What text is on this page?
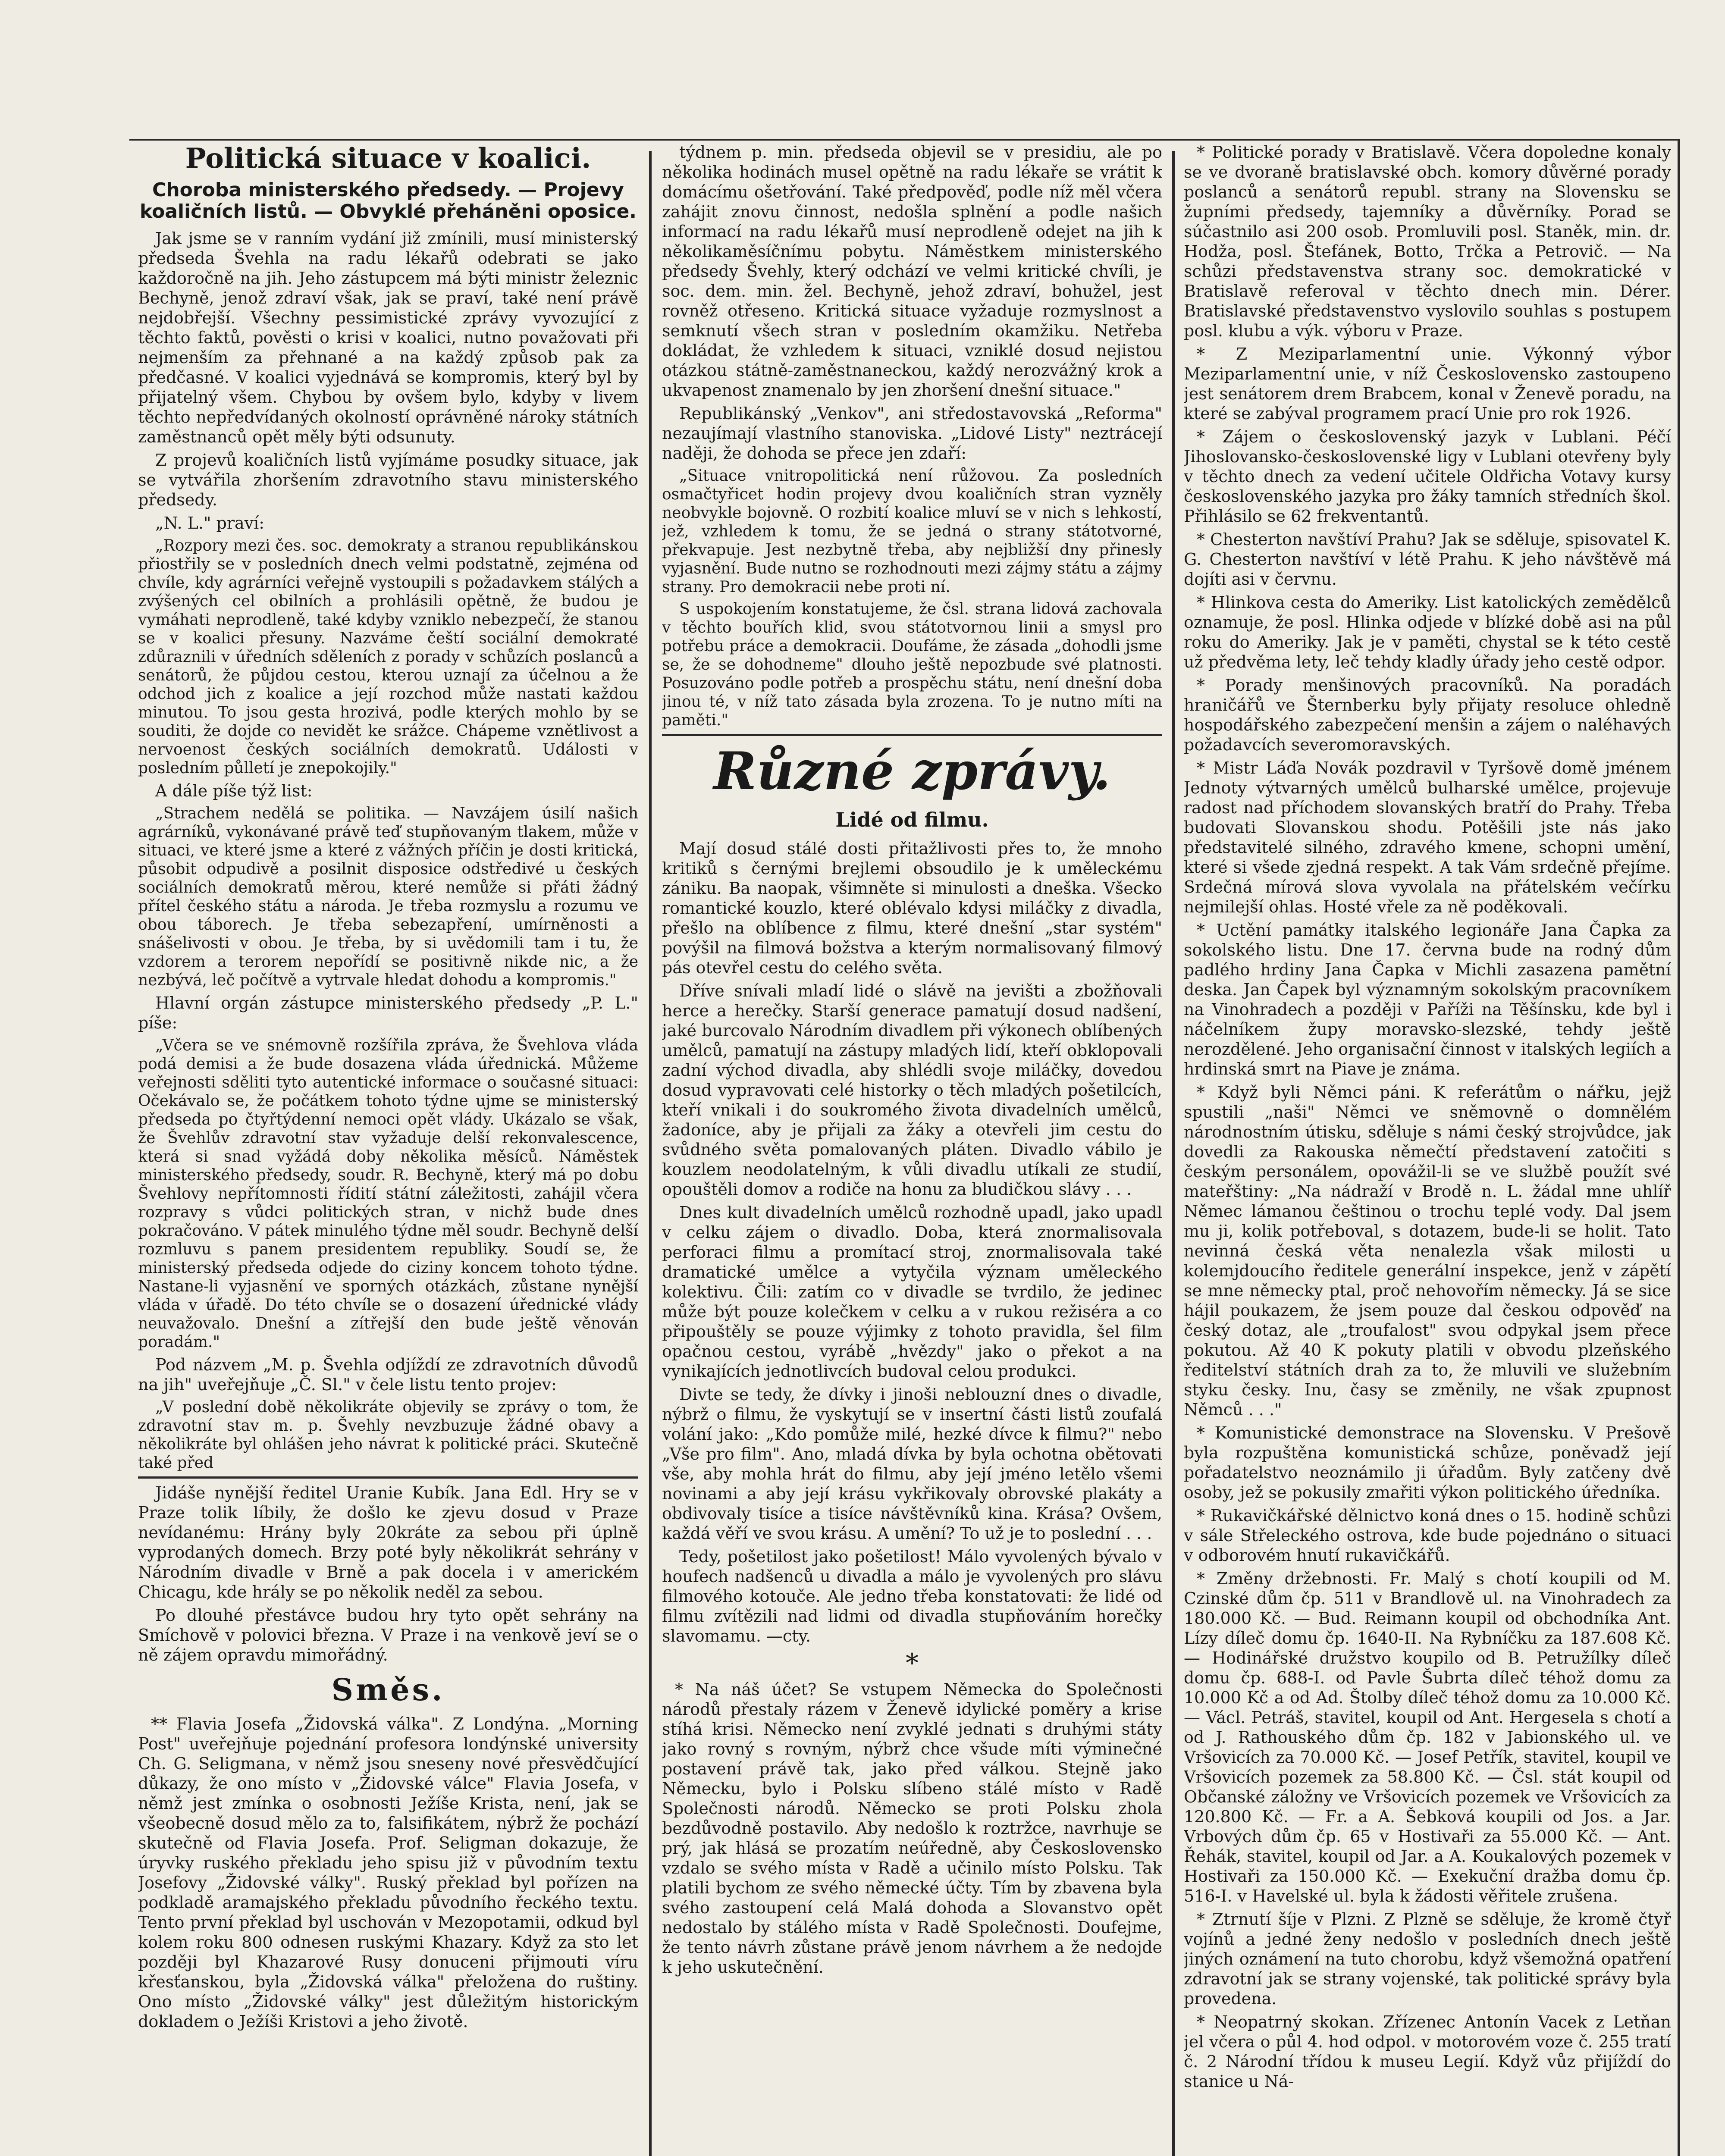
Politická situace v koalici.
Choroba ministerského předsedy. — Projevy koaličních listů. — Obvyklé přeháněni oposice.

Jak jsme se v ranním vydání již zmínili, musí ministerský předseda Švehla na radu lékařů odebrati se jako každoročně na jih. Jeho zástupcem má býti ministr železnic Bechyně, jenož zdraví však, jak se praví, také není právě nejdobřejší. Všechny pessimistické zprávy vyvozující z těchto faktů, pověsti o krisi v koalici, nutno považovati při nejmenším za přehnané a na každý způsob pak za předčasné. V koalici vyjednává se kompromis, který byl by přijatelný všem. Chybou by ovšem bylo, kdyby v livem těchto nepředvídaných okolností oprávněné nároky státních zaměstnanců opět měly býti odsunuty.

Z projevů koaličních listů vyjímáme posudky situace, jak se vytvářila zhoršením zdravotního stavu ministerského předsedy.

„N. L." praví:

„Rozpory mezi čes. soc. demokraty a stranou republikánskou přiostřily se v posledních dnech velmi podstatně, zejména od chvíle, kdy agrárníci veřejně vystoupili s požadavkem stálých a zvýšených cel obilních a prohlásili opětně, že budou je vymáhati neprodleně, také kdyby vzniklo nebezpečí, že stanou se v koalici přesuny. Nazváme čeští sociální demokraté zdůraznili v úředních sděleních z porady v schůzích poslanců a senátorů, že půjdou cestou, kterou uznají za účelnou a že odchod jich z koalice a její rozchod může nastati každou minutou. To jsou gesta hrozivá, podle kterých mohlo by se souditi, že dojde co nevidět ke srážce. Chápeme vznětlivost a nervoenost českých sociálních demokratů. Události v posledním půlletí je znepokojily."

A dále píše týž list:

„Strachem nedělá se politika. — Navzájem úsilí našich agrárníků, vykonávané právě teď stupňovaným tlakem, může v situaci, ve které jsme a které z vážných příčin je dosti kritická, působit odpudivě a posilnit disposice odstředivé u českých sociálních demokratů měrou, které nemůže si přáti žádný přítel českého státu a národa. Je třeba rozmyslu a rozumu ve obou táborech. Je třeba sebezapření, umírněnosti a snášelivosti v obou. Je třeba, by si uvědomili tam i tu, že vzdorem a terorem nepořídí se positivně nikde nic, a že nezbývá, leč počítvě a vytrvale hledat dohodu a kompromis."

Hlavní orgán zástupce ministerského předsedy „P. L." píše:

„Včera se ve snémovně rozšířila zpráva, že Švehlova vláda podá demisi a že bude dosazena vláda úřednická. Můžeme veřejnosti sděliti tyto autentické informace o současné situaci: Očekávalo se, že počátkem tohoto týdne ujme se ministerský předseda po čtyřtýdenní nemoci opět vlády. Ukázalo se však, že Švehlův zdravotní stav vyžaduje delší rekonvalescence, která si snad vyžádá doby několika měsíců. Náměstek ministerského předsedy, soudr. R. Bechyně, který má po dobu Švehlovy nepřítomnosti řídití státní záležitosti, zahájil včera rozpravy s vůdci politických stran, v nichž bude dnes pokračováno. V pátek minulého týdne měl soudr. Bechyně delší rozmluvu s panem presidentem republiky. Soudí se, že ministerský předseda odjede do ciziny koncem tohoto týdne. Nastane-li vyjasnění ve sporných otázkách, zůstane nynější vláda v úřadě. Do této chvíle se o dosazení úřednické vlády neuvažovalo. Dnešní a zítřejší den bude ještě věnován poradám."

Pod názvem „M. p. Švehla odjíždí ze zdravotních důvodů na jih" uveřejňuje „Č. Sl." v čele listu tento projev:

„V poslední době několikráte objevily se zprávy o tom, že zdravotní stav m. p. Švehly nevzbuzuje žádné obavy a několikráte byl ohlášen jeho návrat k politické práci. Skutečně také před

Jidáše nynější ředitel Uranie Kubík. Jana Edl. Hry se v Praze tolik líbily, že došlo ke zjevu dosud v Praze nevídanému: Hrány byly 20kráte za sebou při úplně vyprodaných domech. Brzy poté byly několikrát sehrány v Národním divadle v Brně a pak docela i v americkém Chicagu, kde hrály se po několik neděl za sebou.

Po dlouhé přestávce budou hry tyto opět sehrány na Smíchově v polovici března. V Praze i na venkově jeví se o ně zájem opravdu mimořádný.

Směs.

** Flavia Josefa „Židovská válka". Z Londýna. „Morning Post" uveřejňuje pojednání profesora londýnské university Ch. G. Seligmana, v němž jsou sneseny nové přesvědčující důkazy, že ono místo v „Židovské válce" Flavia Josefa, v němž jest zmínka o osobnosti Ježíše Krista, není, jak se všeobecně dosud mělo za to, falsifikátem, nýbrž že pochází skutečně od Flavia Josefa. Prof. Seligman dokazuje, že úryvky ruského překladu jeho spisu již v původním textu Josefovy „Židovské války". Ruský překlad byl pořízen na podkladě aramajského překladu původního řeckého textu. Tento první překlad byl uschován v Mezopotamii, odkud byl kolem roku 800 odnesen ruskými Khazary. Když za sto let později byl Khazarové Rusy donuceni přijmouti víru křesťanskou, byla „Židovská válka" přeložena do ruštiny. Ono místo „Židovské války" jest důležitým historickým dokladem o Ježíši Kristovi a jeho životě.

týdnem p. min. předseda objevil se v presidiu, ale po několika hodinách musel opětně na radu lékaře se vrátit k domácímu ošetřování. Také předpověď, podle níž měl včera zahájit znovu činnost, nedošla splnění a podle našich informací na radu lékařů musí neprodleně odejet na jih k několikaměsíčnímu pobytu. Náměstkem ministerského předsedy Švehly, který odchází ve velmi kritické chvíli, je soc. dem. min. žel. Bechyně, jehož zdraví, bohužel, jest rovněž otřeseno. Kritická situace vyžaduje rozmyslnost a semknutí všech stran v posledním okamžiku. Netřeba dokládat, že vzhledem k situaci, vzniklé dosud nejistou otázkou státně-zaměstnaneckou, každý nerozvážný krok a ukvapenost znamenalo by jen zhoršení dnešní situace."

Republikánský „Venkov", ani středostavovská „Reforma" nezaujímají vlastního stanoviska. „Lidové Listy" neztrácejí naději, že dohoda se přece jen zdaří:

„Situace vnitropolitická není růžovou. Za posledních osmačtyřicet hodin projevy dvou koaličních stran vyzněly neobvykle bojovně. O rozbití koalice mluví se v nich s lehkostí, jež, vzhledem k tomu, že se jedná o strany státotvorné, překvapuje. Jest nezbytně třeba, aby nejbližší dny přinesly vyjasnění. Bude nutno se rozhodnouti mezi zájmy státu a zájmy strany. Pro demokracii nebe proti ní.

S uspokojením konstatujeme, že čsl. strana lidová zachovala v těchto bouřích klid, svou státotvornou linii a smysl pro potřebu práce a demokracii. Doufáme, že zásada „dohodli jsme se, že se dohodneme" dlouho ještě nepozbude své platnosti. Posuzováno podle potřeb a prospěchu státu, není dnešní doba jinou té, v níž tato zásada byla zrozena. To je nutno míti na paměti."

Různé zprávy.
Lidé od filmu.

Mají dosud stálé dosti přitažlivosti přes to, že mnoho kritiků s černými brejlemi obsoudilo je k uměleckému zániku. Ba naopak, všimněte si minulosti a dneška. Všecko romantické kouzlo, které oblévalo kdysi miláčky z divadla, přešlo na oblíbence z filmu, které dnešní „star systém" povýšil na filmová božstva a kterým normalisovaný filmový pás otevřel cestu do celého světa.

Dříve snívali mladí lidé o slávě na jevišti a zbožňovali herce a herečky. Starší generace pamatují dosud nadšení, jaké burcovalo Národním divadlem při výkonech oblíbených umělců, pamatují na zástupy mladých lidí, kteří obklopovali zadní východ divadla, aby shlédli svoje miláčky, dovedou dosud vypravovati celé historky o těch mladých pošetilcích, kteří vnikali i do soukromého života divadelních umělců, žadoníce, aby je přijali za žáky a otevřeli jim cestu do svůdného světa pomalovaných pláten. Divadlo vábilo je kouzlem neodolatelným, k vůli divadlu utíkali ze studií, opouštěli domov a rodiče na honu za bludičkou slávy . . .

Dnes kult divadelních umělců rozhodně upadl, jako upadl v celku zájem o divadlo. Doba, která znormalisovala perforaci filmu a promítací stroj, znormalisovala také dramatické umělce a vytyčila význam uměleckého kolektivu. Čili: zatím co v divadle se tvrdilo, že jedinec může být pouze kolečkem v celku a v rukou režiséra a co připouštěly se pouze výjimky z tohoto pravidla, šel film opačnou cestou, vyrábě „hvězdy" jako o překot a na vynikajících jednotlivcích budoval celou produkci.

Divte se tedy, že dívky i jinoši neblouzní dnes o divadle, nýbrž o filmu, že vyskytují se v insertní části listů zoufalá volání jako: „Kdo pomůže milé, hezké dívce k filmu?" nebo „Vše pro film". Ano, mladá dívka by byla ochotna obětovati vše, aby mohla hrát do filmu, aby její jméno letělo všemi novinami a aby její krásu vykřikovaly obrovské plakáty a obdivovaly tisíce a tisíce návštěvníků kina. Krása? Ovšem, každá věří ve svou krásu. A umění? To už je to poslední . . .

Tedy, pošetilost jako pošetilost! Málo vyvolených bývalo v houfech nadšenců u divadla a málo je vyvolených pro slávu filmového kotouče. Ale jedno třeba konstatovati: že lidé od filmu zvítězili nad lidmi od divadla stupňováním horečky slavomamu. —cty.

*

* Na náš účet? Se vstupem Německa do Společnosti národů přestaly rázem v Ženevě idylické poměry a krise stíhá krisi. Německo není zvyklé jednati s druhými státy jako rovný s rovným, nýbrž chce všude míti výminečné postavení právě tak, jako před válkou. Stejně jako Německu, bylo i Polsku slíbeno stálé místo v Radě Společnosti národů. Německo se proti Polsku zhola bezdůvodně postavilo. Aby nedošlo k roztržce, navrhuje se prý, jak hlásá se prozatím neúředně, aby Československo vzdalo se svého místa v Radě a učinilo místo Polsku. Tak platili bychom ze svého německé účty. Tím by zbavena byla svého zastoupení celá Malá dohoda a Slovanstvo opět nedostalo by stálého místa v Radě Společnosti. Doufejme, že tento návrh zůstane právě jenom návrhem a že nedojde k jeho uskutečnění.

* Politické porady v Bratislavě. Včera dopoledne konaly se ve dvoraně bratislavské obch. komory důvěrné porady poslanců a senátorů republ. strany na Slovensku se župními předsedy, tajemníky a důvěrníky. Porad se súčastnilo asi 200 osob. Promluvili posl. Staněk, min. dr. Hodža, posl. Štefánek, Botto, Trčka a Petrovič. — Na schůzi představenstva strany soc. demokratické v Bratislavě referoval v těchto dnech min. Dérer. Bratislavské představenstvo vyslovilo souhlas s postupem posl. klubu a výk. výboru v Praze.

* Z Meziparlamentní unie. Výkonný výbor Meziparlamentní unie, v níž Československo zastoupeno jest senátorem drem Brabcem, konal v Ženevě poradu, na které se zabýval programem prací Unie pro rok 1926.

* Zájem o československý jazyk v Lublani. Péčí Jihoslovansko-československé ligy v Lublani otevřeny byly v těchto dnech za vedení učitele Oldřicha Votavy kursy československého jazyka pro žáky tamních středních škol. Přihlásilo se 62 frekventantů.

* Chesterton navštíví Prahu? Jak se sděluje, spisovatel K. G. Chesterton navštíví v létě Prahu. K jeho návštěvě má dojíti asi v červnu.

* Hlinkova cesta do Ameriky. List katolických zemědělců oznamuje, že posl. Hlinka odjede v blízké době asi na půl roku do Ameriky. Jak je v paměti, chystal se k této cestě už předvěma lety, leč tehdy kladly úřady jeho cestě odpor.

* Porady menšinových pracovníků. Na poradách hraničářů ve Šternberku byly přijaty resoluce ohledně hospodářského zabezpečení menšin a zájem o naléhavých požadavcích severomoravských.

* Mistr Láďa Novák pozdravil v Tyršově domě jménem Jednoty výtvarných umělců bulharské umělce, projevuje radost nad příchodem slovanských bratří do Prahy. Třeba budovati Slovanskou shodu. Potěšili jste nás jako představitelé silného, zdravého kmene, schopni umění, které si všede zjedná respekt. A tak Vám srdečně přejíme. Srdečná mírová slova vyvolala na přátelském večírku nejmilejší ohlas. Hosté vřele za ně poděkovali.

* Uctění památky italského legionáře Jana Čapka za sokolského listu. Dne 17. června bude na rodný dům padlého hrdiny Jana Čapka v Michli zasazena pamětní deska. Jan Čapek byl významným sokolským pracovníkem na Vinohradech a později v Paříži na Těšínsku, kde byl i náčelníkem župy moravsko-slezské, tehdy ještě nerozdělené. Jeho organisační činnost v italských legiích a hrdinská smrt na Piave je známa.

* Když byli Němci páni. K referátům o nářku, jejž spustili „naši" Němci ve sněmovně o domnělém národnostním útisku, sděluje s námi český strojvůdce, jak dovedli za Rakouska němečtí představení zatočiti s českým personálem, opovážil-li se ve službě použít své mateřštiny: „Na nádraží v Brodě n. L. žádal mne uhlíř Němec lámanou češtinou o trochu teplé vody. Dal jsem mu ji, kolik potřeboval, s dotazem, bude-li se holit. Tato nevinná česká věta nenalezla však milosti u kolemjdoucího ředitele generální inspekce, jenž v zápětí se mne německy ptal, proč nehovořím německy. Já se sice hájil poukazem, že jsem pouze dal českou odpověď na český dotaz, ale „troufalost" svou odpykal jsem přece pokutou. Až 40 K pokuty platili v obvodu plzeňského ředitelství státních drah za to, že mluvili ve služebním styku česky. Inu, časy se změnily, ne však zpupnost Němců . . ."

* Komunistické demonstrace na Slovensku. V Prešově byla rozpuštěna komunistická schůze, poněvadž její pořadatelstvo neoznámilo ji úřadům. Byly zatčeny dvě osoby, jež se pokusily zmařiti výkon politického úředníka.

* Rukavičkářské dělnictvo koná dnes o 15. hodině schůzi v sále Střeleckého ostrova, kde bude pojednáno o situaci v odborovém hnutí rukavičkářů.

* Změny držebnosti. Fr. Malý s chotí koupili od M. Czinské dům čp. 511 v Brandlově ul. na Vinohradech za 180.000 Kč. — Bud. Reimann koupil od obchodníka Ant. Lízy díleč domu čp. 1640-II. Na Rybníčku za 187.608 Kč. — Hodinářské družstvo koupilo od B. Petružílky díleč domu čp. 688-I. od Pavle Šubrta díleč téhož domu za 10.000 Kč a od Ad. Štolby díleč téhož domu za 10.000 Kč. — Václ. Petráš, stavitel, koupil od Ant. Hergesela s chotí a od J. Rathouského dům čp. 182 v Jabionského ul. ve Vršovicích za 70.000 Kč. — Josef Petřík, stavitel, koupil ve Vršovicích pozemek za 58.800 Kč. — Čsl. stát koupil od Občanské záložny ve Vršovicích pozemek ve Vršovicích za 120.800 Kč. — Fr. a A. Šebková koupili od Jos. a Jar. Vrbových dům čp. 65 v Hostivaři za 55.000 Kč. — Ant. Řehák, stavitel, koupil od Jar. a A. Koukalových pozemek v Hostivaři za 150.000 Kč. — Exekuční dražba domu čp. 516-I. v Havelské ul. byla k žádosti věřitele zrušena.

* Ztrnutí šíje v Plzni. Z Plzně se sděluje, že kromě čtyř vojínů a jedné ženy nedošlo v posledních dnech ještě jiných oznámení na tuto chorobu, když všemožná opatření zdravotní jak se strany vojenské, tak politické správy byla provedena.

* Neopatrný skokan. Zřízenec Antonín Vacek z Letňan jel včera o půl 4. hod odpol. v motorovém voze č. 255 tratí č. 2 Národní třídou k museu Legií. Když vůz přijíždí do stanice u Ná-
